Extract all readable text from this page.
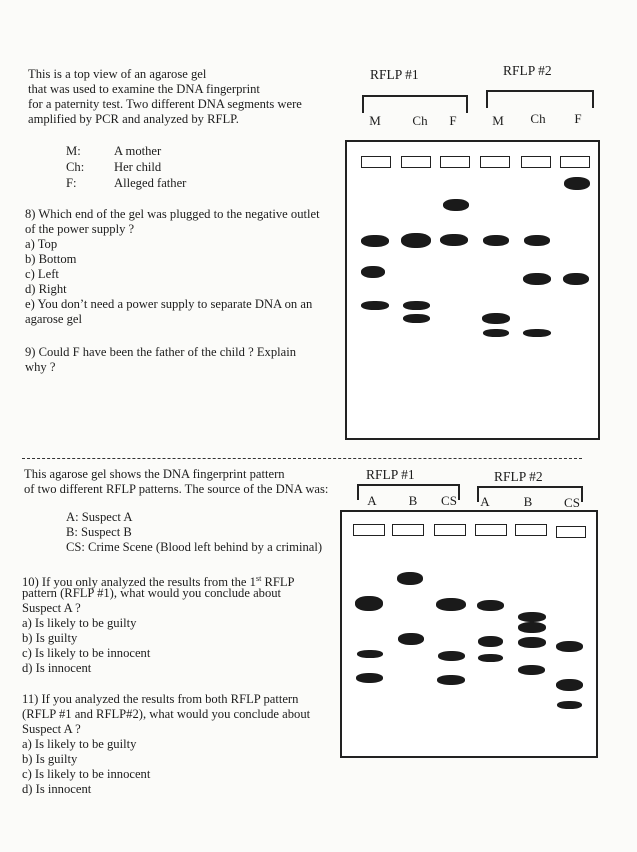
This is a top view of an agarose gel
that was used to examine the DNA fingerprint
for a paternity test. Two different DNA segments were
amplified by PCR and analyzed by RFLP.
M:	A mother
Ch: Her child
F:	Alleged father
8) Which end of the gel was plugged to the negative outlet
of the power supply ?
a) Top
b) Bottom
c) Left
d) Right
e) You don’t need a power supply to separate DNA on an
agarose gel
9) Could F have been the father of the child ? Explain
why ?
RFLP #1	RFLP #2
M	Ch	F	M	Ch	F
This agarose gel shows the DNA fingerprint pattern
of two different RFLP patterns. The source of the DNA was:
A: Suspect A
B: Suspect B
CS: Crime Scene (Blood left behind by a criminal)
10) If you only analyzed the results from the 1st RFLP
pattern (RFLP #1), what would you conclude about
Suspect A ?
a) Is likely to be guilty
b) Is guilty
c) Is likely to be innocent
d) Is innocent
11) If you analyzed the results from both RFLP pattern
(RFLP #1 and RFLP#2), what would you conclude about
Suspect A ?
a) Is likely to be guilty
b) Is guilty
c) Is likely to be innocent
d) Is innocent
RFLP #1	RFLP #2
A	B	CS	A	B	CS
